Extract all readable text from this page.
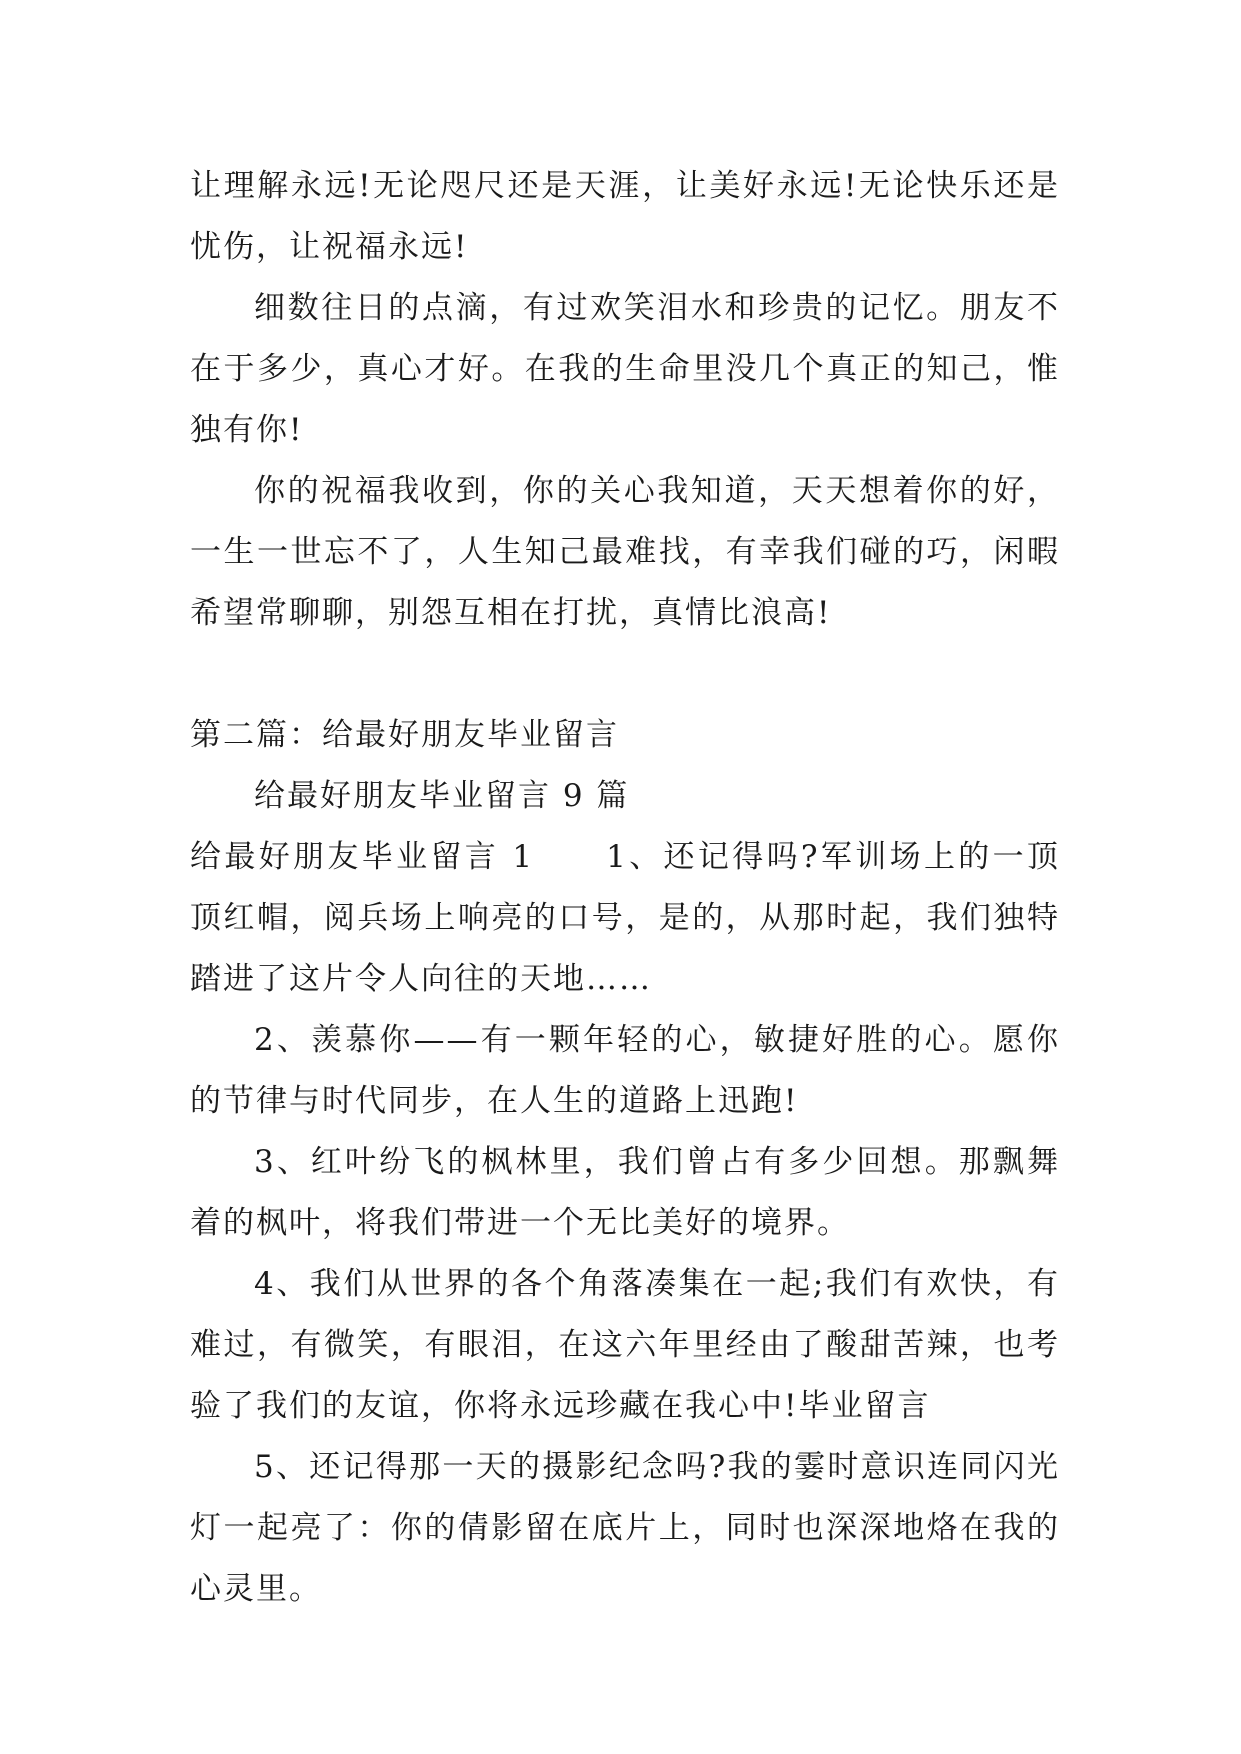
让理解永远!无论咫尺还是天涯，让美好永远!无论快乐还是忧伤，让祝福永远!

细数往日的点滴，有过欢笑泪水和珍贵的记忆。朋友不在于多少，真心才好。在我的生命里没几个真正的知己，惟独有你!

你的祝福我收到，你的关心我知道，天天想着你的好，一生一世忘不了，人生知己最难找，有幸我们碰的巧，闲暇希望常聊聊，别怨互相在打扰，真情比浪高!

第二篇：给最好朋友毕业留言

给最好朋友毕业留言 9 篇

给最好朋友毕业留言 1 1、还记得吗?军训场上的一顶顶红帽，阅兵场上响亮的口号，是的，从那时起，我们独特踏进了这片令人向往的天地……

2、羡慕你——有一颗年轻的心，敏捷好胜的心。愿你的节律与时代同步，在人生的道路上迅跑!

3、红叶纷飞的枫林里，我们曾占有多少回想。那飘舞着的枫叶，将我们带进一个无比美好的境界。

4、我们从世界的各个角落凑集在一起;我们有欢快，有难过，有微笑，有眼泪，在这六年里经由了酸甜苦辣，也考验了我们的友谊，你将永远珍藏在我心中!毕业留言

5、还记得那一天的摄影纪念吗?我的霎时意识连同闪光灯一起亮了：你的倩影留在底片上，同时也深深地烙在我的心灵里。
